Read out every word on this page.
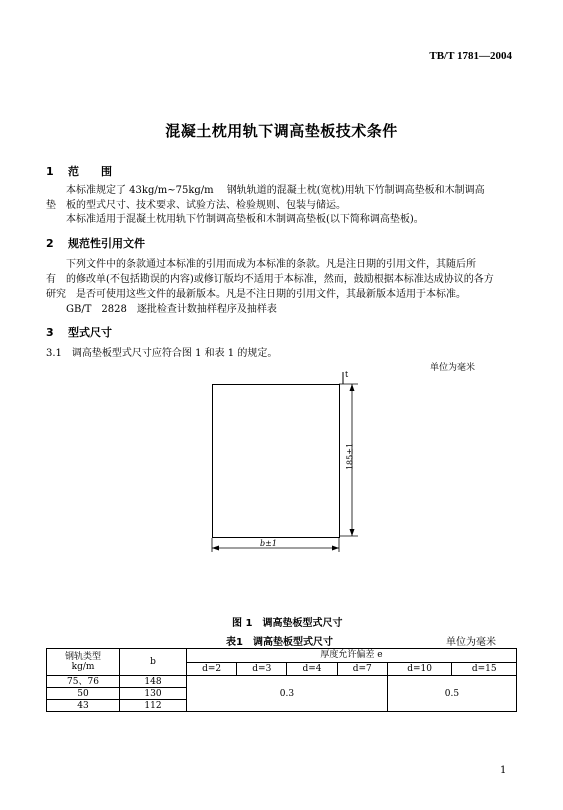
TB/T 1781—2004
混凝土枕用轨下调高垫板技术条件
1 范　　围
本标准规定了 43kg/m~75kg/m　 钢轨轨道的混凝土枕(宽枕)用轨下竹制调高垫板和木制调高
垫　板的型式尺寸、技术要求、试验方法、检验规则、包装与储运。
本标准适用于混凝土枕用轨下竹制调高垫板和木制调高垫板(以下简称调高垫板)。
2 规范性引用文件
下列文件中的条款通过本标准的引用而成为本标准的条款。凡是注日期的引用文件，其随后所
有　的修改单(不包括勘误的内容)或修订版均不适用于本标准，然而，鼓励根据本标准达成协议的各方
研究　是否可使用这些文件的最新版本。凡是不注日期的引用文件，其最新版本适用于本标准。
GB/T　2828　 逐批检查计数抽样程序及抽样表
3 型式尺寸
3.1　调高垫板型式尺寸应符合图 1 和表 1 的规定。
单位为毫米
t
185±1
b±1
图 1　调高垫板型式尺寸
表1　调高垫板型式尺寸	单位为毫米
钢轨类型
kg/m	b	厚度允许偏差 e					
		d=2	d=3	d=4	d=7	d=10	d=15
75、76	148	0.3				0.5	
50	130						
43	112						
1
